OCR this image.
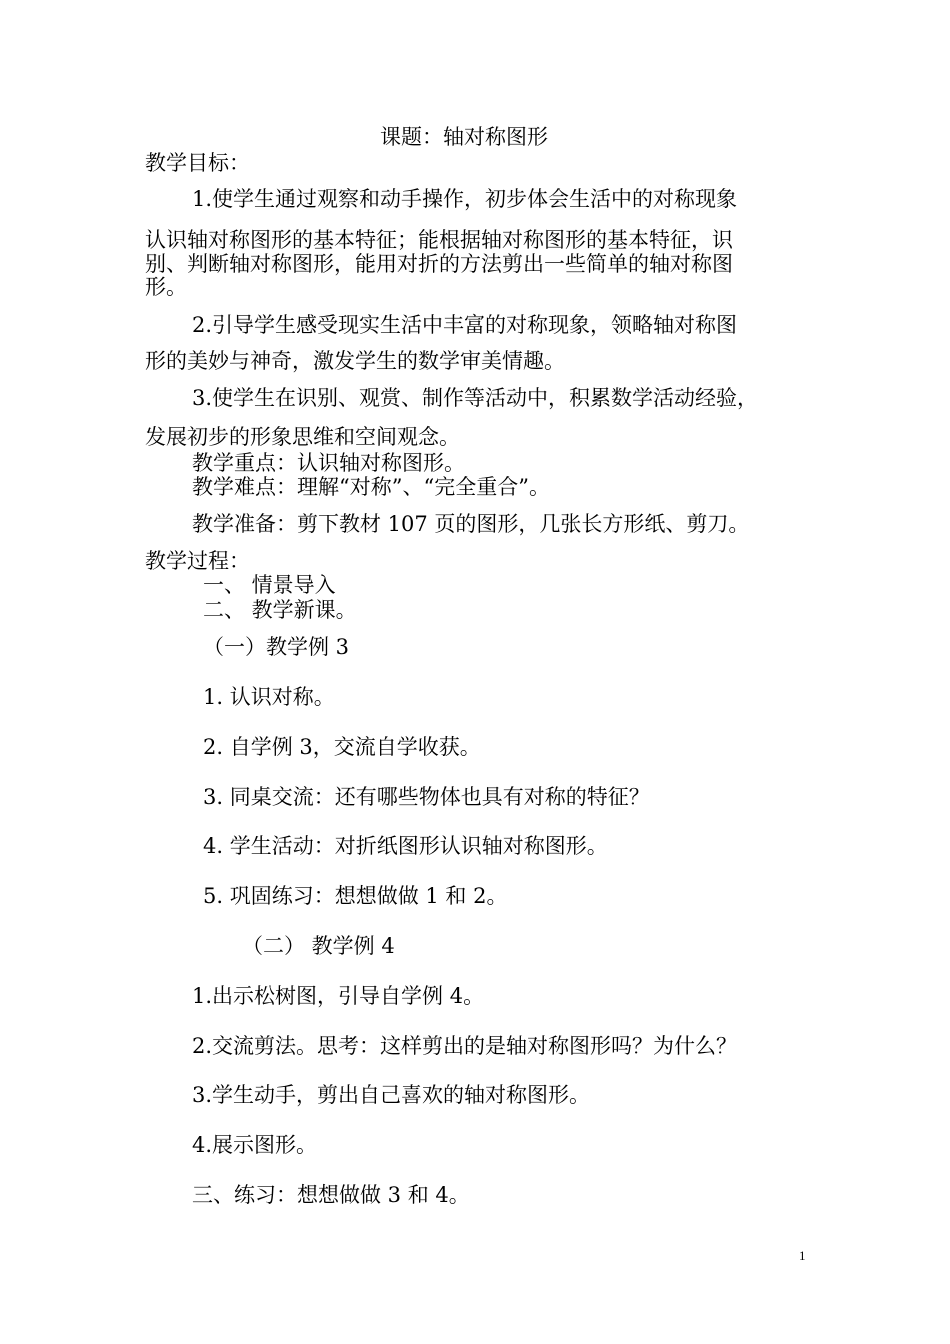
课题：轴对称图形
教学目标：
1.使学生通过观察和动手操作，初步体会生活中的对称现象
认识轴对称图形的基本特征；能根据轴对称图形的基本特征，识
别、判断轴对称图形，能用对折的方法剪出一些简单的轴对称图
形。
2.引导学生感受现实生活中丰富的对称现象，领略轴对称图
形的美妙与神奇，激发学生的数学审美情趣。
3.使学生在识别、观赏、制作等活动中，积累数学活动经验，
发展初步的形象思维和空间观念。
教学重点：认识轴对称图形。
教学难点：理解“对称”、“完全重合”。
教学准备：剪下教材 107 页的图形，几张长方形纸、剪刀。
教学过程：
一、 情景导入
二、 教学新课。
（一）教学例 3
1. 认识对称。
2. 自学例 3，交流自学收获。
3. 同桌交流：还有哪些物体也具有对称的特征？
4. 学生活动：对折纸图形认识轴对称图形。
5. 巩固练习：想想做做 1 和 2。
（二） 教学例 4
1.出示松树图，引导自学例 4。
2.交流剪法。思考：这样剪出的是轴对称图形吗？为什么？
3.学生动手，剪出自己喜欢的轴对称图形。
4.展示图形。
三、练习：想想做做 3 和 4。
1
